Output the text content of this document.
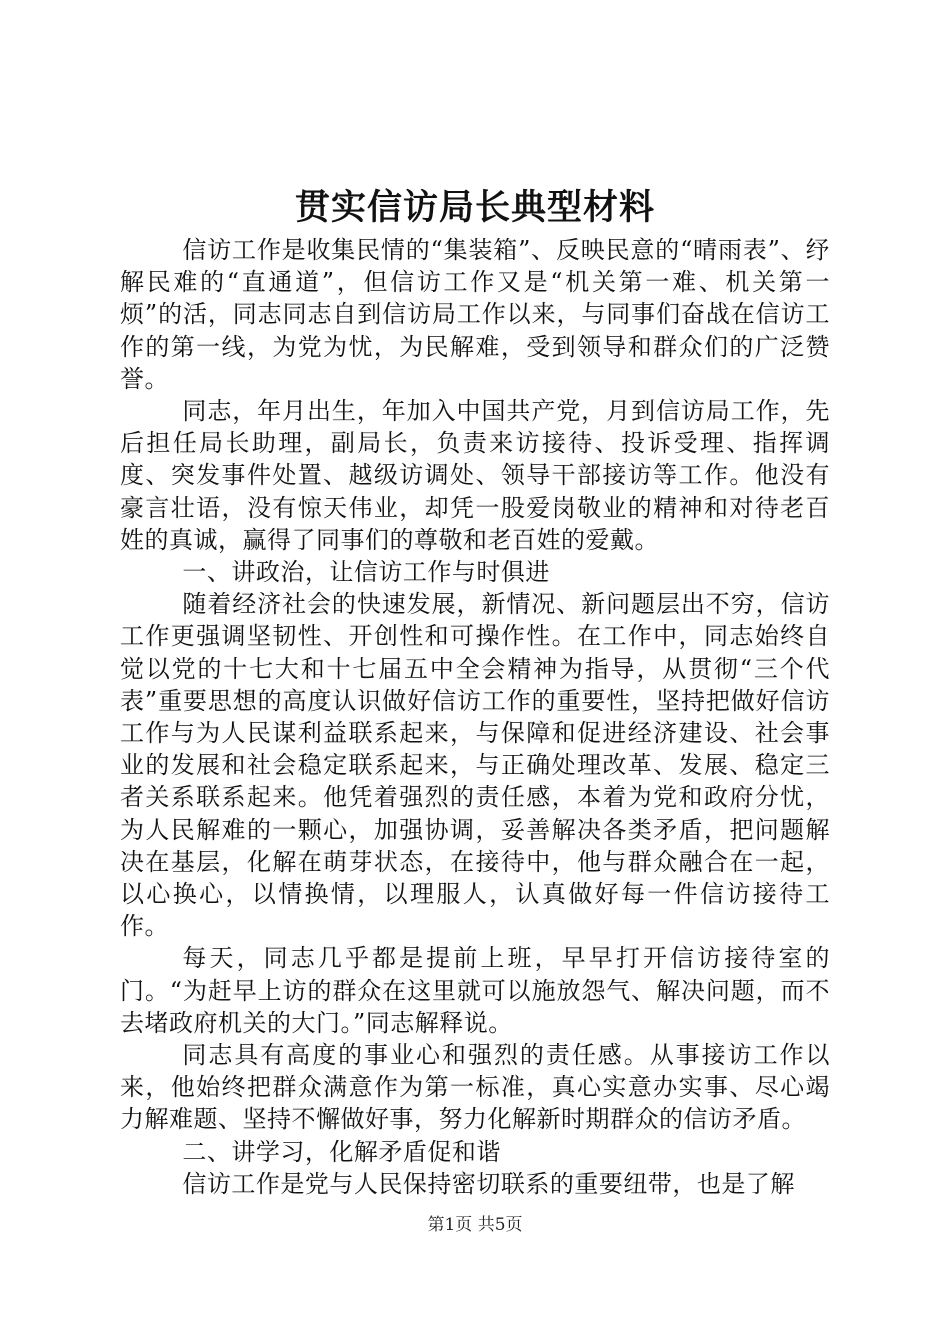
贯实信访局长典型材料

信访工作是收集民情的“集装箱”、反映民意的“晴雨表”、纾解民难的“直通道”，但信访工作又是“机关第一难、机关第一烦”的活，同志同志自到信访局工作以来，与同事们奋战在信访工作的第一线，为党为忧，为民解难，受到领导和群众们的广泛赞誉。

同志，年月出生，年加入中国共产党，月到信访局工作，先后担任局长助理，副局长，负责来访接待、投诉受理、指挥调度、突发事件处置、越级访调处、领导干部接访等工作。他没有豪言壮语，没有惊天伟业，却凭一股爱岗敬业的精神和对待老百姓的真诚，赢得了同事们的尊敬和老百姓的爱戴。

一、讲政治，让信访工作与时俱进

随着经济社会的快速发展，新情况、新问题层出不穷，信访工作更强调坚韧性、开创性和可操作性。在工作中，同志始终自觉以党的十七大和十七届五中全会精神为指导，从贯彻“三个代表”重要思想的高度认识做好信访工作的重要性，坚持把做好信访工作与为人民谋利益联系起来，与保障和促进经济建设、社会事业的发展和社会稳定联系起来，与正确处理改革、发展、稳定三者关系联系起来。他凭着强烈的责任感，本着为党和政府分忧，为人民解难的一颗心，加强协调，妥善解决各类矛盾，把问题解决在基层，化解在萌芽状态，在接待中，他与群众融合在一起，以心换心，以情换情，以理服人，认真做好每一件信访接待工作。

每天，同志几乎都是提前上班，早早打开信访接待室的门。“为赶早上访的群众在这里就可以施放怨气、解决问题，而不去堵政府机关的大门。”同志解释说。

同志具有高度的事业心和强烈的责任感。从事接访工作以来，他始终把群众满意作为第一标准，真心实意办实事、尽心竭力解难题、坚持不懈做好事，努力化解新时期群众的信访矛盾。

二、讲学习，化解矛盾促和谐

信访工作是党与人民保持密切联系的重要纽带，也是了解

第1页 共5页
